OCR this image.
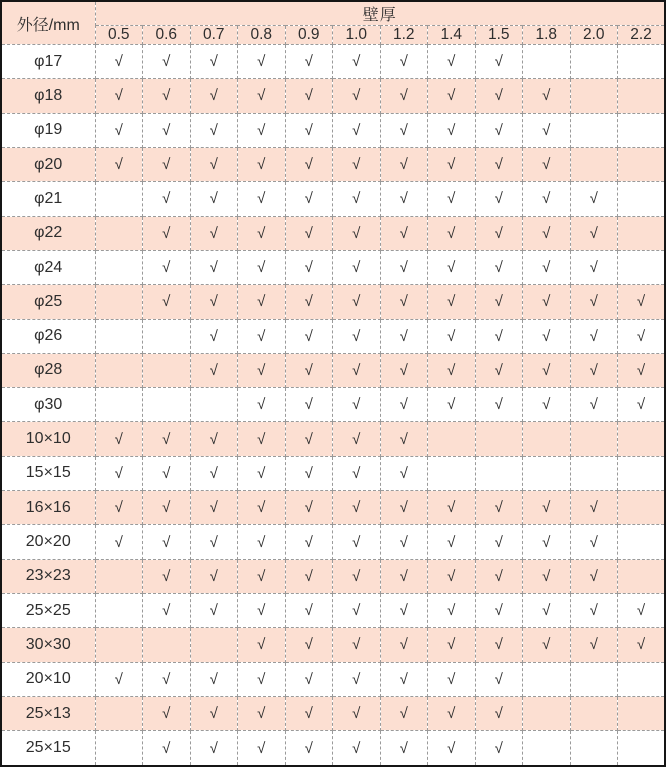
外径/mm	壁厚											
	0.5	0.6	0.7	0.8	0.9	1.0	1.2	1.4	1.5	1.8	2.0	2.2
φ17	√	√	√	√	√	√	√	√	√			
φ18	√	√	√	√	√	√	√	√	√	√		
φ19	√	√	√	√	√	√	√	√	√	√		
φ20	√	√	√	√	√	√	√	√	√	√		
φ21		√	√	√	√	√	√	√	√	√	√	
φ22		√	√	√	√	√	√	√	√	√	√	
φ24		√	√	√	√	√	√	√	√	√	√	
φ25		√	√	√	√	√	√	√	√	√	√	√
φ26			√	√	√	√	√	√	√	√	√	√
φ28			√	√	√	√	√	√	√	√	√	√
φ30				√	√	√	√	√	√	√	√	√
10×10	√	√	√	√	√	√	√					
15×15	√	√	√	√	√	√	√					
16×16	√	√	√	√	√	√	√	√	√	√	√	
20×20	√	√	√	√	√	√	√	√	√	√	√	
23×23		√	√	√	√	√	√	√	√	√	√	
25×25		√	√	√	√	√	√	√	√	√	√	√
30×30				√	√	√	√	√	√	√	√	√
20×10	√	√	√	√	√	√	√	√	√			
25×13		√	√	√	√	√	√	√	√			
25×15		√	√	√	√	√	√	√	√			
